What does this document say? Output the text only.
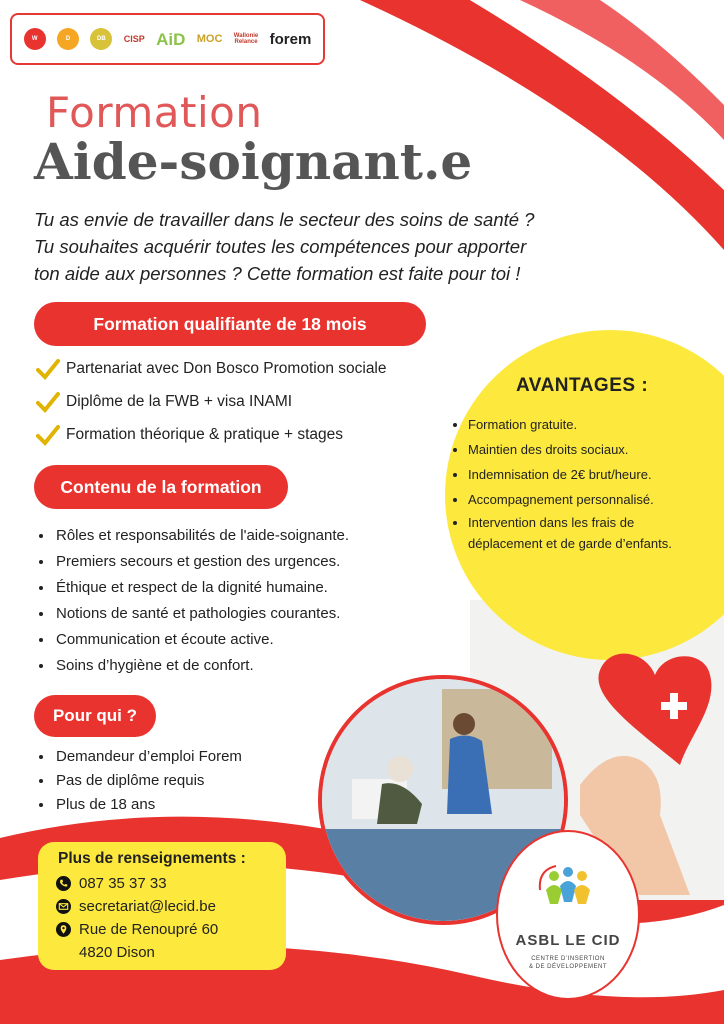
W	D	DB	CISP AiD MOC Wallonie
Relance forem
Formation
Aide-soignant.e
Tu as envie de travailler dans le secteur des soins de santé ?
Tu souhaites acquérir toutes les compétences pour apporter
ton aide aux personnes ? Cette formation est faite pour toi !
Formation qualifiante de 18 mois
Partenariat avec Don Bosco Promotion sociale
Diplôme de la FWB + visa INAMI
Formation théorique & pratique + stages
Contenu de la formation
• Rôles et responsabilités de l'aide-soignante.
• Premiers secours et gestion des urgences.
• Éthique et respect de la dignité humaine.
• Notions de santé et pathologies courantes.
• Communication et écoute active.
• Soins d’hygiène et de confort.
Pour qui ?
• Demandeur d’emploi Forem
• Pas de diplôme requis
• Plus de 18 ans
AVANTAGES :
• Formation gratuite.
• Maintien des droits sociaux.
• Indemnisation de 2€ brut/heure.
• Accompagnement personnalisé.
• Intervention dans les frais de déplacement et de garde d’enfants.
Plus de renseignements :
087 35 37 33
secretariat@lecid.be
Rue de Renoupré 60
4820 Dison
ASBL LE CID
CENTRE D’INSERTION
& DE DÉVELOPPEMENT
